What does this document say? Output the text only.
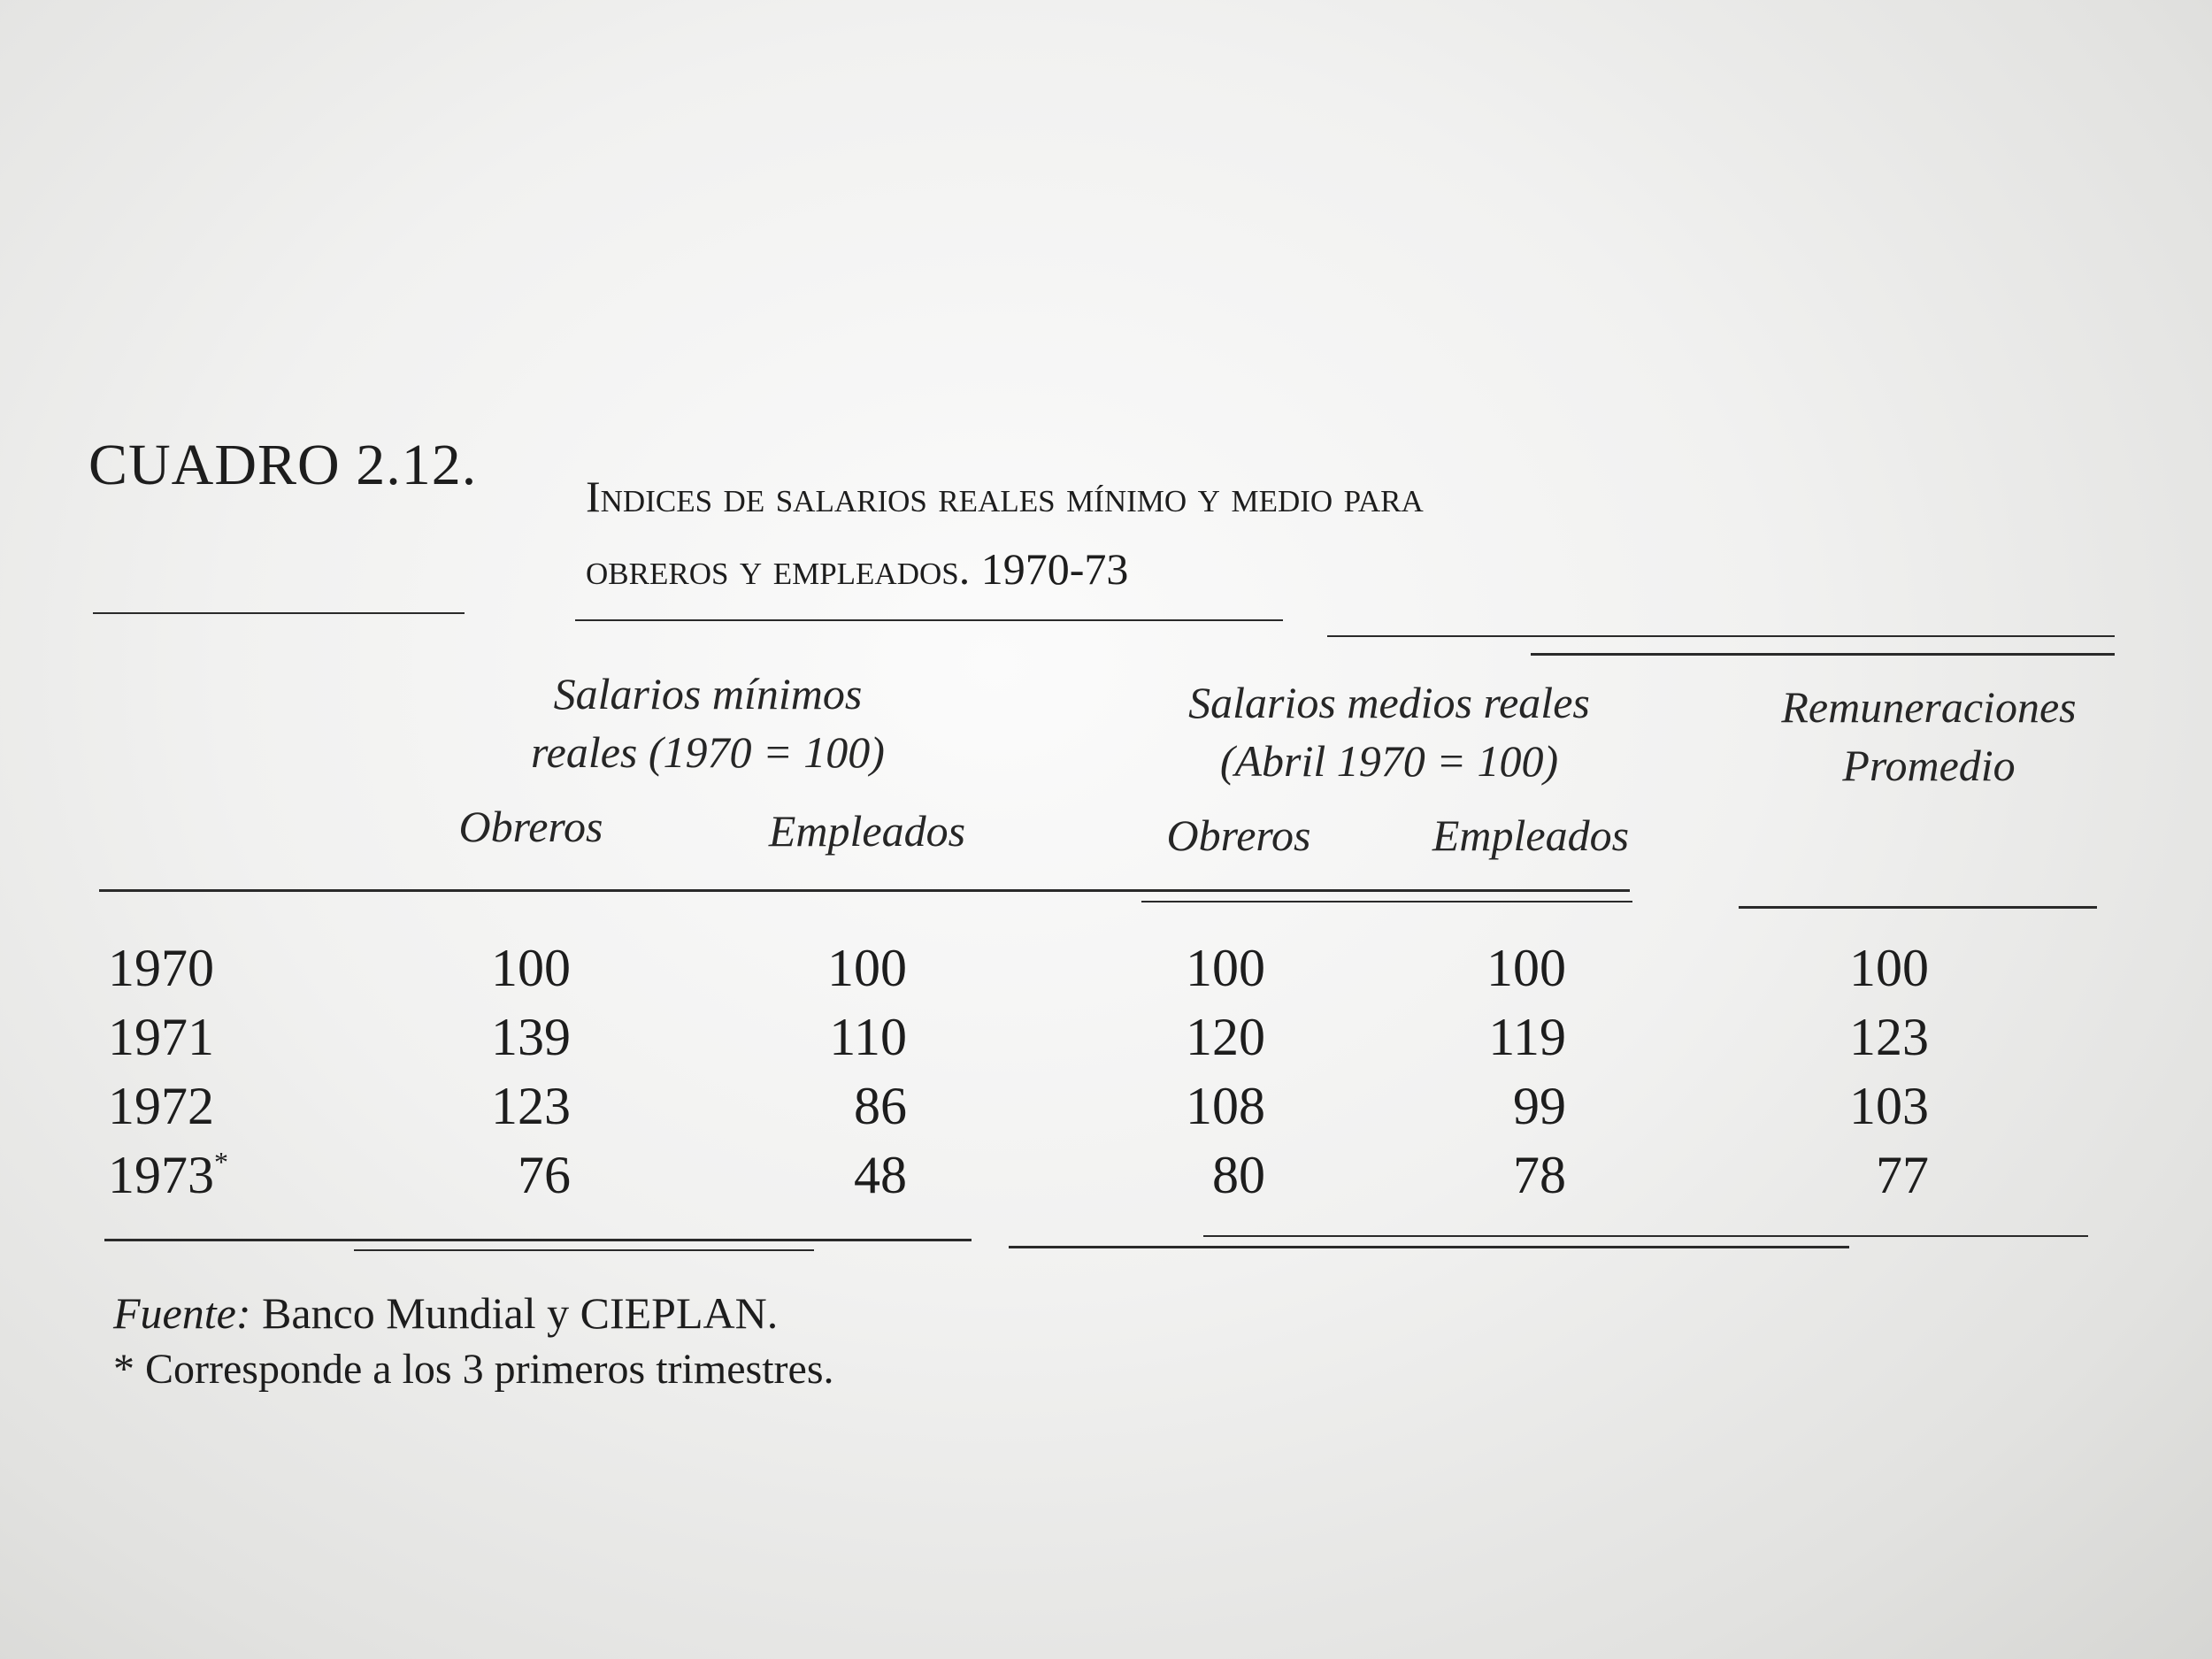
CUADRO 2.12. Indices de salarios reales mínimo y medio para
obreros y empleados. 1970-73
Salarios mínimos
reales (1970 = 100)
Salarios medios reales
(Abril 1970 = 100)
Remuneraciones
Promedio
Obreros	Empleados	Obreros	Empleados
1970	100	100	100	100	100
1971	139	110	120	119	123
1972	123	86	108	99	103
1973*	76	48	80	78	77
Fuente: Banco Mundial y CIEPLAN.
* Corresponde a los 3 primeros trimestres.
